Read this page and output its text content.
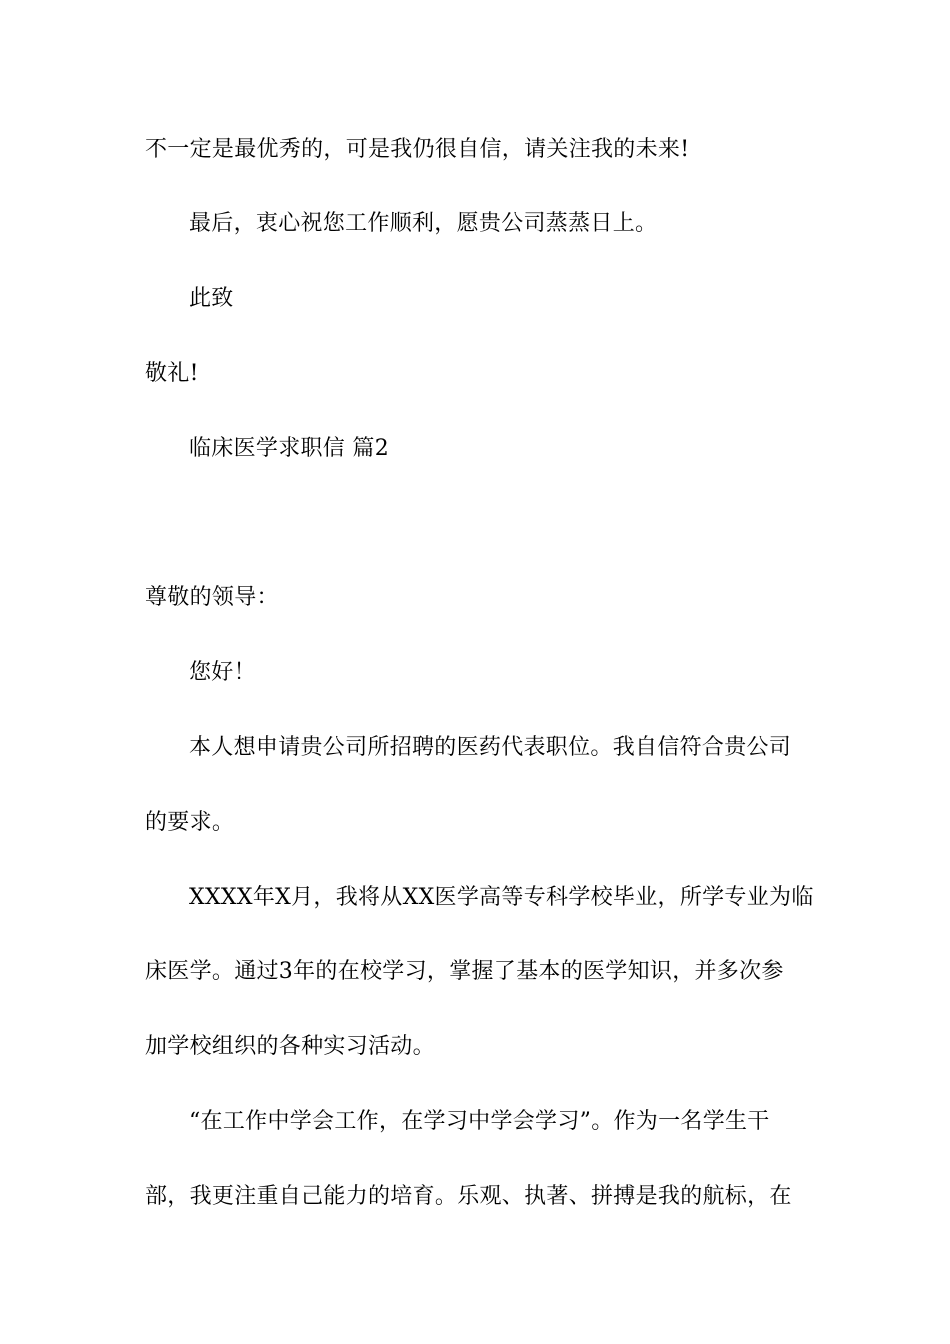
不一定是最优秀的，可是我仍很自信，请关注我的未来!
最后，衷心祝您工作顺利，愿贵公司蒸蒸日上。
此致
敬礼!
临床医学求职信 篇2
尊敬的领导：
您好！
本人想申请贵公司所招聘的医药代表职位。我自信符合贵公司
的要求。
XXXX年X月，我将从XX医学高等专科学校毕业，所学专业为临
床医学。通过3年的在校学习，掌握了基本的医学知识，并多次参
加学校组织的各种实习活动。
“在工作中学会工作，在学习中学会学习”。作为一名学生干
部，我更注重自己能力的培育。乐观、执著、拼搏是我的航标，在
